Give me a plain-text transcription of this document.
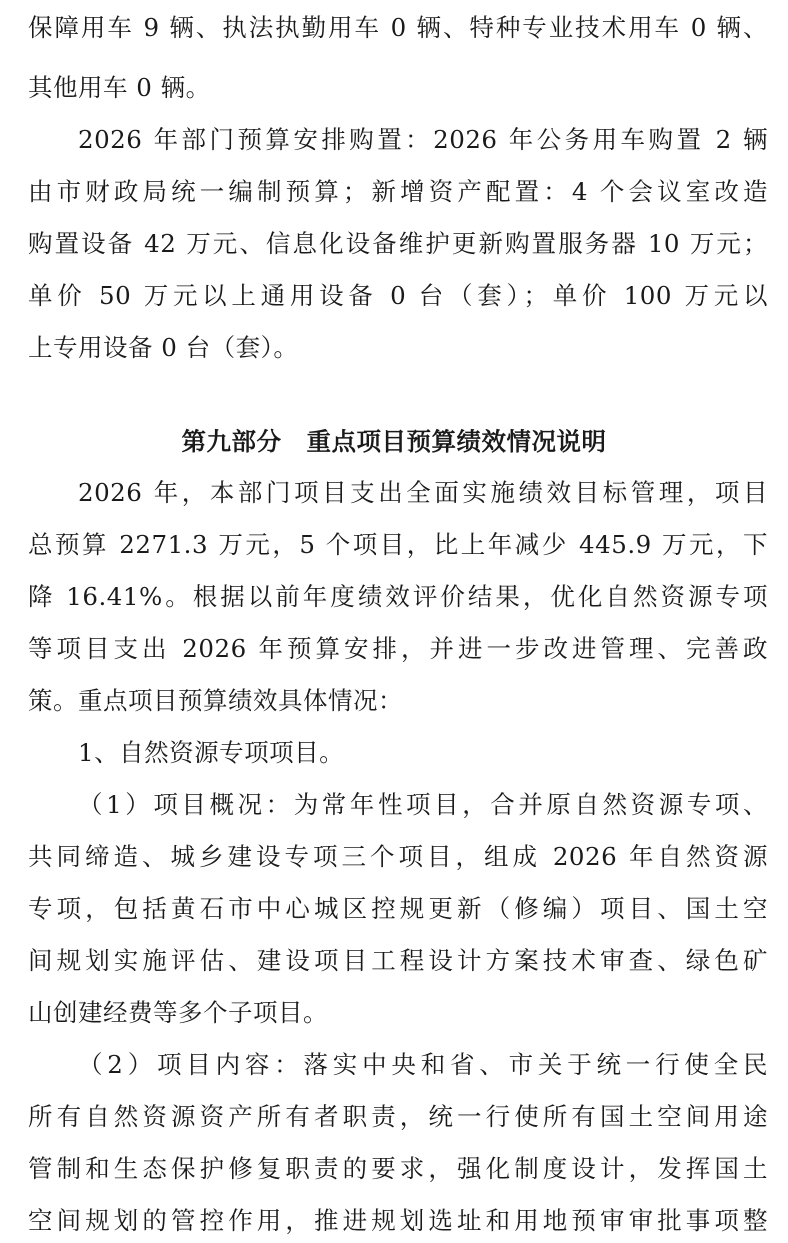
保障用车 9 辆、执法执勤用车 0 辆、特种专业技术用车 0 辆、
其他用车 0 辆。
2026 年部门预算安排购置：2026 年公务用车购置 2 辆
由市财政局统一编制预算；新增资产配置：4 个会议室改造
购置设备 42 万元、信息化设备维护更新购置服务器 10 万元；
单价 50 万元以上通用设备 0 台（套）；单价 100 万元以
上专用设备 0 台（套）。
第九部分　重点项目预算绩效情况说明
2026 年，本部门项目支出全面实施绩效目标管理，项目
总预算 2271.3 万元，5 个项目，比上年减少 445.9 万元，下
降 16.41%。根据以前年度绩效评价结果，优化自然资源专项
等项目支出 2026 年预算安排，并进一步改进管理、完善政
策。重点项目预算绩效具体情况：
1、自然资源专项项目。
（1）项目概况：为常年性项目，合并原自然资源专项、
共同缔造、城乡建设专项三个项目，组成 2026 年自然资源
专项，包括黄石市中心城区控规更新（修编）项目、国土空
间规划实施评估、建设项目工程设计方案技术审查、绿色矿
山创建经费等多个子项目。
（2）项目内容：落实中央和省、市关于统一行使全民
所有自然资源资产所有者职责，统一行使所有国土空间用途
管制和生态保护修复职责的要求，强化制度设计，发挥国土
空间规划的管控作用，推进规划选址和用地预审审批事项整
